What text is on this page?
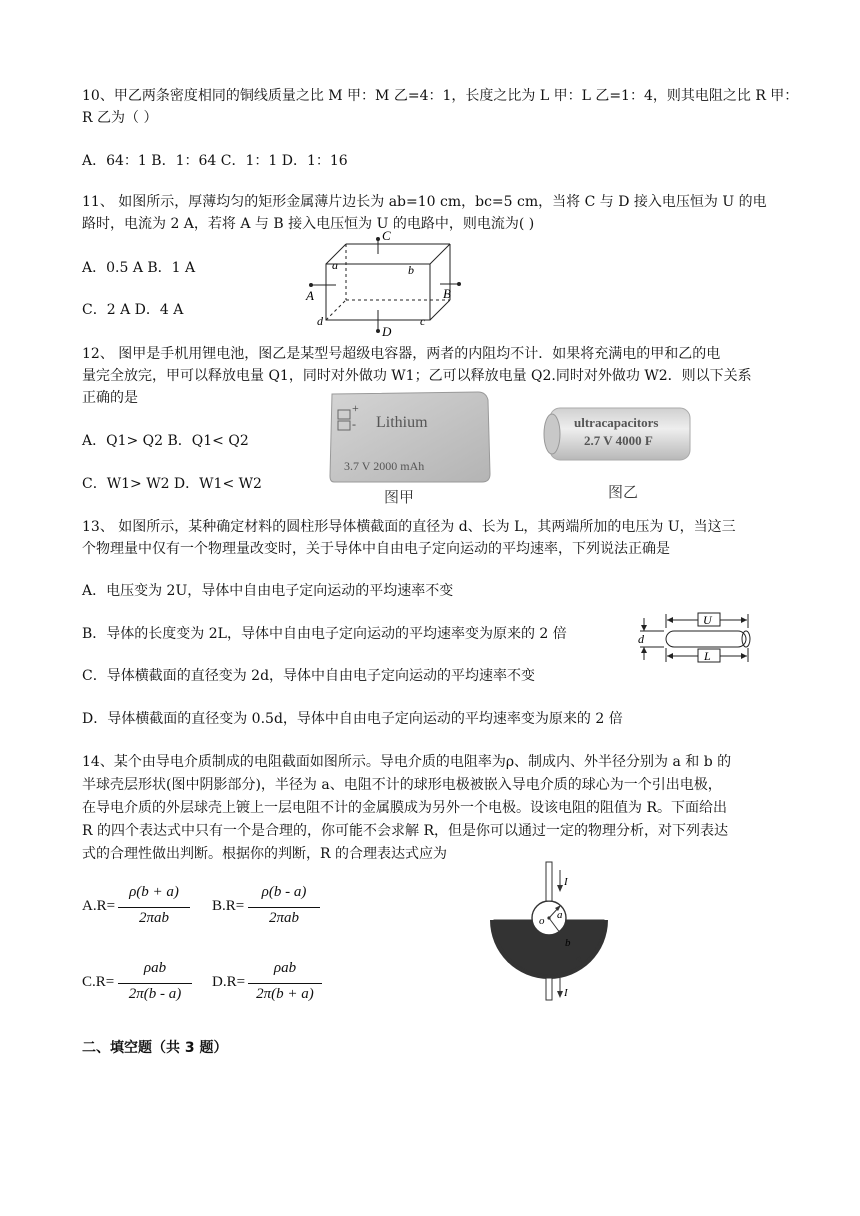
10、甲乙两条密度相同的铜线质量之比 M 甲：M 乙=4：1，长度之比为 L 甲：L 乙=1：4，则其电阻之比 R 甲：
R 乙为（ ）
A．64：1 B．1：64 C．1：1 D．1：16
11、 如图所示，厚薄均匀的矩形金属薄片边长为 ab=10 cm，bc=5 cm，当将 C 与 D 接入电压恒为 U 的电
路时，电流为 2 A，若将 A 与 B 接入电压恒为 U 的电路中，则电流为( )
A．0.5 A B．1 A
C．2 A D．4 A
C
D
A	B
a	b
c
d
12、 图甲是手机用锂电池，图乙是某型号超级电容器，两者的内阻均不计．如果将充满电的甲和乙的电
量完全放完，甲可以释放电量 Q1，同时对外做功 W1；乙可以释放电量 Q2.同时对外做功 W2．则以下关系
正确的是
A．Q1> Q2 B．Q1< Q2
C．W1> W2 D．W1< W2
+
- Lithium
3.7 V 2000 mAh
图甲
ultracapacitors
2.7 V 4000 F
图乙
13、 如图所示，某种确定材料的圆柱形导体横截面的直径为 d、长为 L，其两端所加的电压为 U，当这三
个物理量中仅有一个物理量改变时，关于导体中自由电子定向运动的平均速率，下列说法正确是
A．电压变为 2U，导体中自由电子定向运动的平均速率不变
B．导体的长度变为 2L，导体中自由电子定向运动的平均速率变为原来的 2 倍
C．导体横截面的直径变为 2d，导体中自由电子定向运动的平均速率不变
D．导体横截面的直径变为 0.5d，导体中自由电子定向运动的平均速率变为原来的 2 倍
U
d
L
14、某个由导电介质制成的电阻截面如图所示。导电介质的电阻率为ρ、制成内、外半径分别为 a 和 b 的
半球壳层形状(图中阴影部分)，半径为 a、电阻不计的球形电极被嵌入导电介质的球心为一个引出电极，
在导电介质的外层球壳上镀上一层电阻不计的金属膜成为另外一个电极。设该电阻的阻值为 R。下面给出
R 的四个表达式中只有一个是合理的，你可能不会求解 R，但是你可以通过一定的物理分析，对下列表达
式的合理性做出判断。根据你的判断，R 的合理表达式应为
A.R=
ρ(b + a)
2πab
B.R=
ρ(b - a)
2πab
C.R=
ρab
2π(b - a)
D.R=
ρab
2π(b + a)
I
I
o a
b
二、填空题（共 3 题）
